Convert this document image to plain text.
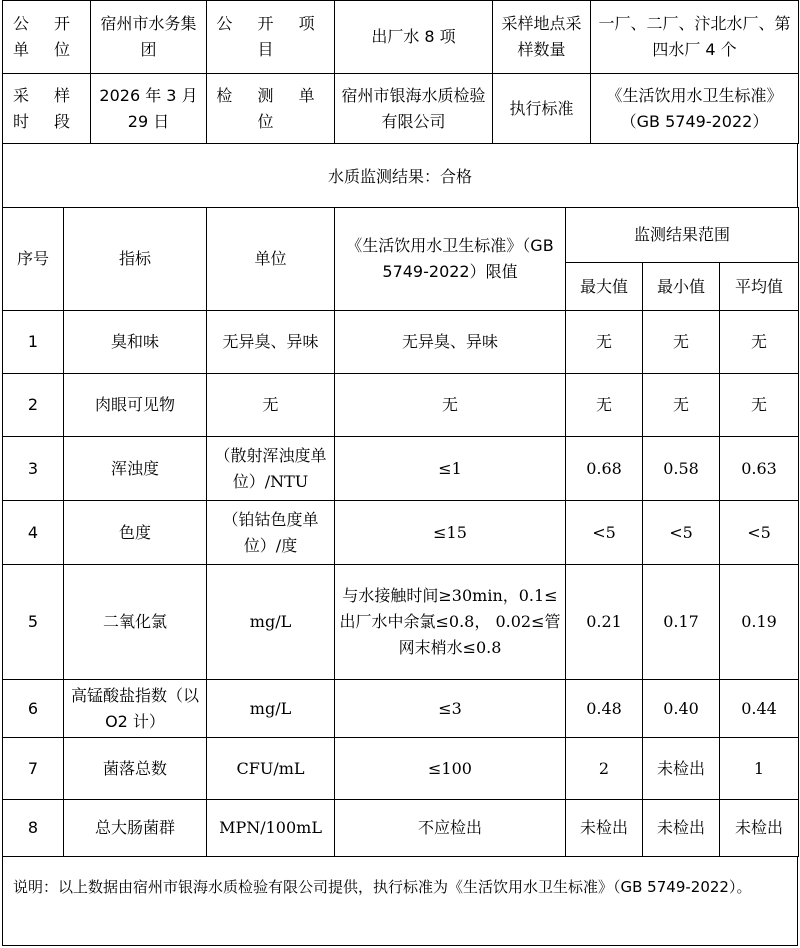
公 开 单 位	宿州市水务集团	公 开 项 目	出厂水 8 项	采样地点采样数量	一厂、二厂、汴北水厂、第四水厂 4 个
采 样 时 段	2026 年 3 月 29 日	检 测 单 位	宿州市银海水质检验有限公司	执行标准	《生活饮用水卫生标准》（GB 5749-2022）
水质监测结果：合格
序号	指标	单位	《生活饮用水卫生标准》（GB 5749-2022）限值	监测结果范围		
				最大值	最小值	平均值
1	臭和味	无异臭、异味	无异臭、异味	无	无	无
2	肉眼可见物	无	无	无	无	无
3	浑浊度	（散射浑浊度单位）/NTU	≤1	0.68	0.58	0.63
4	色度	（铂钴色度单位）/度	≤15	<5	<5	<5
5	二氧化氯	mg/L	与水接触时间≥30min，0.1≤出厂水中余氯≤0.8， 0.02≤管网末梢水≤0.8	0.21	0.17	0.19
6	高锰酸盐指数（以 O2 计）	mg/L	≤3	0.48	0.40	0.44
7	菌落总数	CFU/mL	≤100	2	未检出	1
8	总大肠菌群	MPN/100mL	不应检出	未检出	未检出	未检出
说明：以上数据由宿州市银海水质检验有限公司提供，执行标准为《生活饮用水卫生标准》（GB 5749-2022）。
